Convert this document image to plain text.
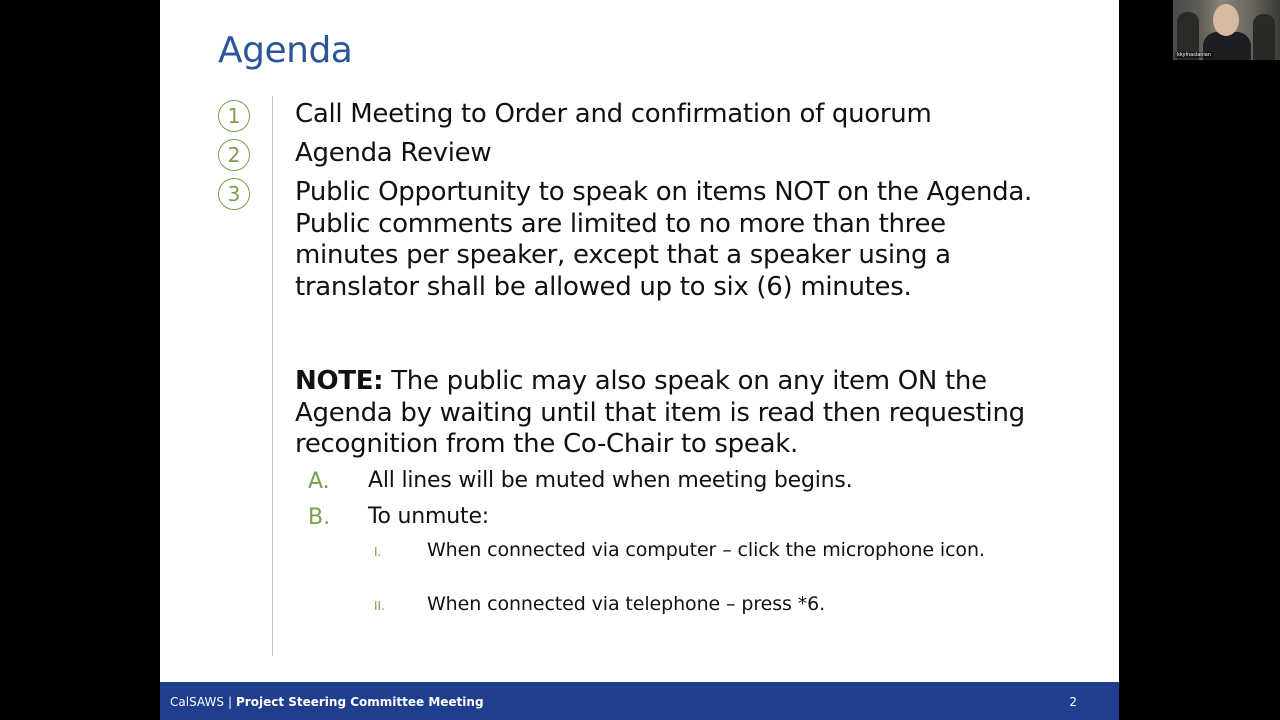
Agenda
1	Call Meeting to Order and confirmation of quorum
2	Agenda Review
3	Public Opportunity to speak on items NOT on the Agenda. Public comments are limited to no more than three minutes per speaker, except that a speaker using a translator shall be allowed up to six (6) minutes.
NOTE: The public may also speak on any item ON the Agenda by waiting until that item is read then requesting recognition from the Co-Chair to speak.
A. All lines will be muted when meeting begins.
B. To unmute:
I. When connected via computer – click the microphone icon.
II. When connected via telephone – press *6.
CalSAWS | Project Steering Committee Meeting	2
kkylnaslanian
